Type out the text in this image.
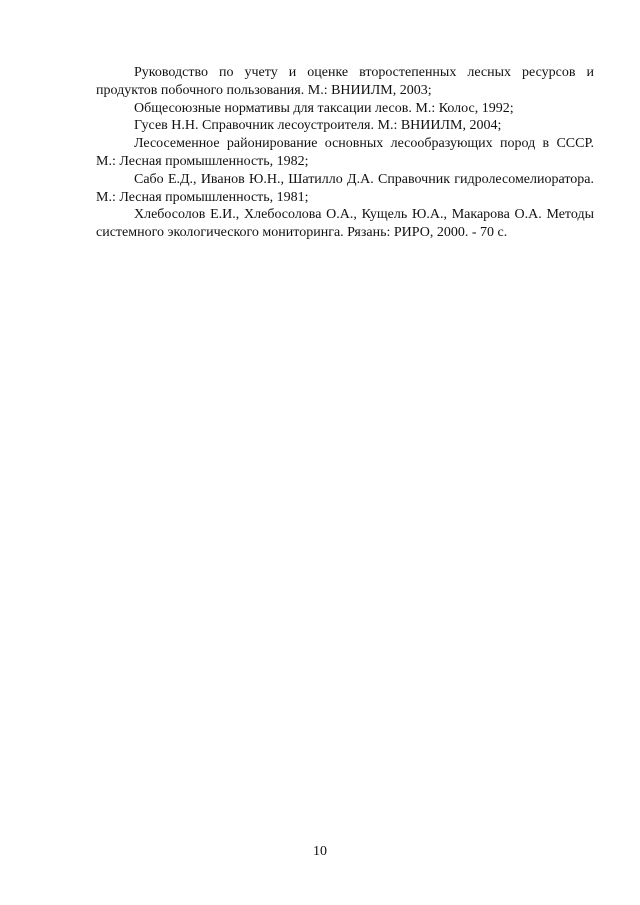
Руководство по учету и оценке второстепенных лесных ресурсов и продуктов побочного пользования. М.: ВНИИЛМ, 2003;
Общесоюзные нормативы для таксации лесов. М.: Колос, 1992;
Гусев Н.Н. Справочник лесоустроителя. М.: ВНИИЛМ, 2004;
Лесосеменное районирование основных лесообразующих пород в СССР. М.: Лесная промышленность, 1982;
Сабо Е.Д., Иванов Ю.Н., Шатилло Д.А. Справочник гидролесомелиоратора. М.: Лесная промышленность, 1981;
Хлебосолов Е.И., Хлебосолова О.А., Кущель Ю.А., Макарова О.А. Методы системного экологического мониторинга. Рязань: РИРО, 2000. - 70 с.
10
